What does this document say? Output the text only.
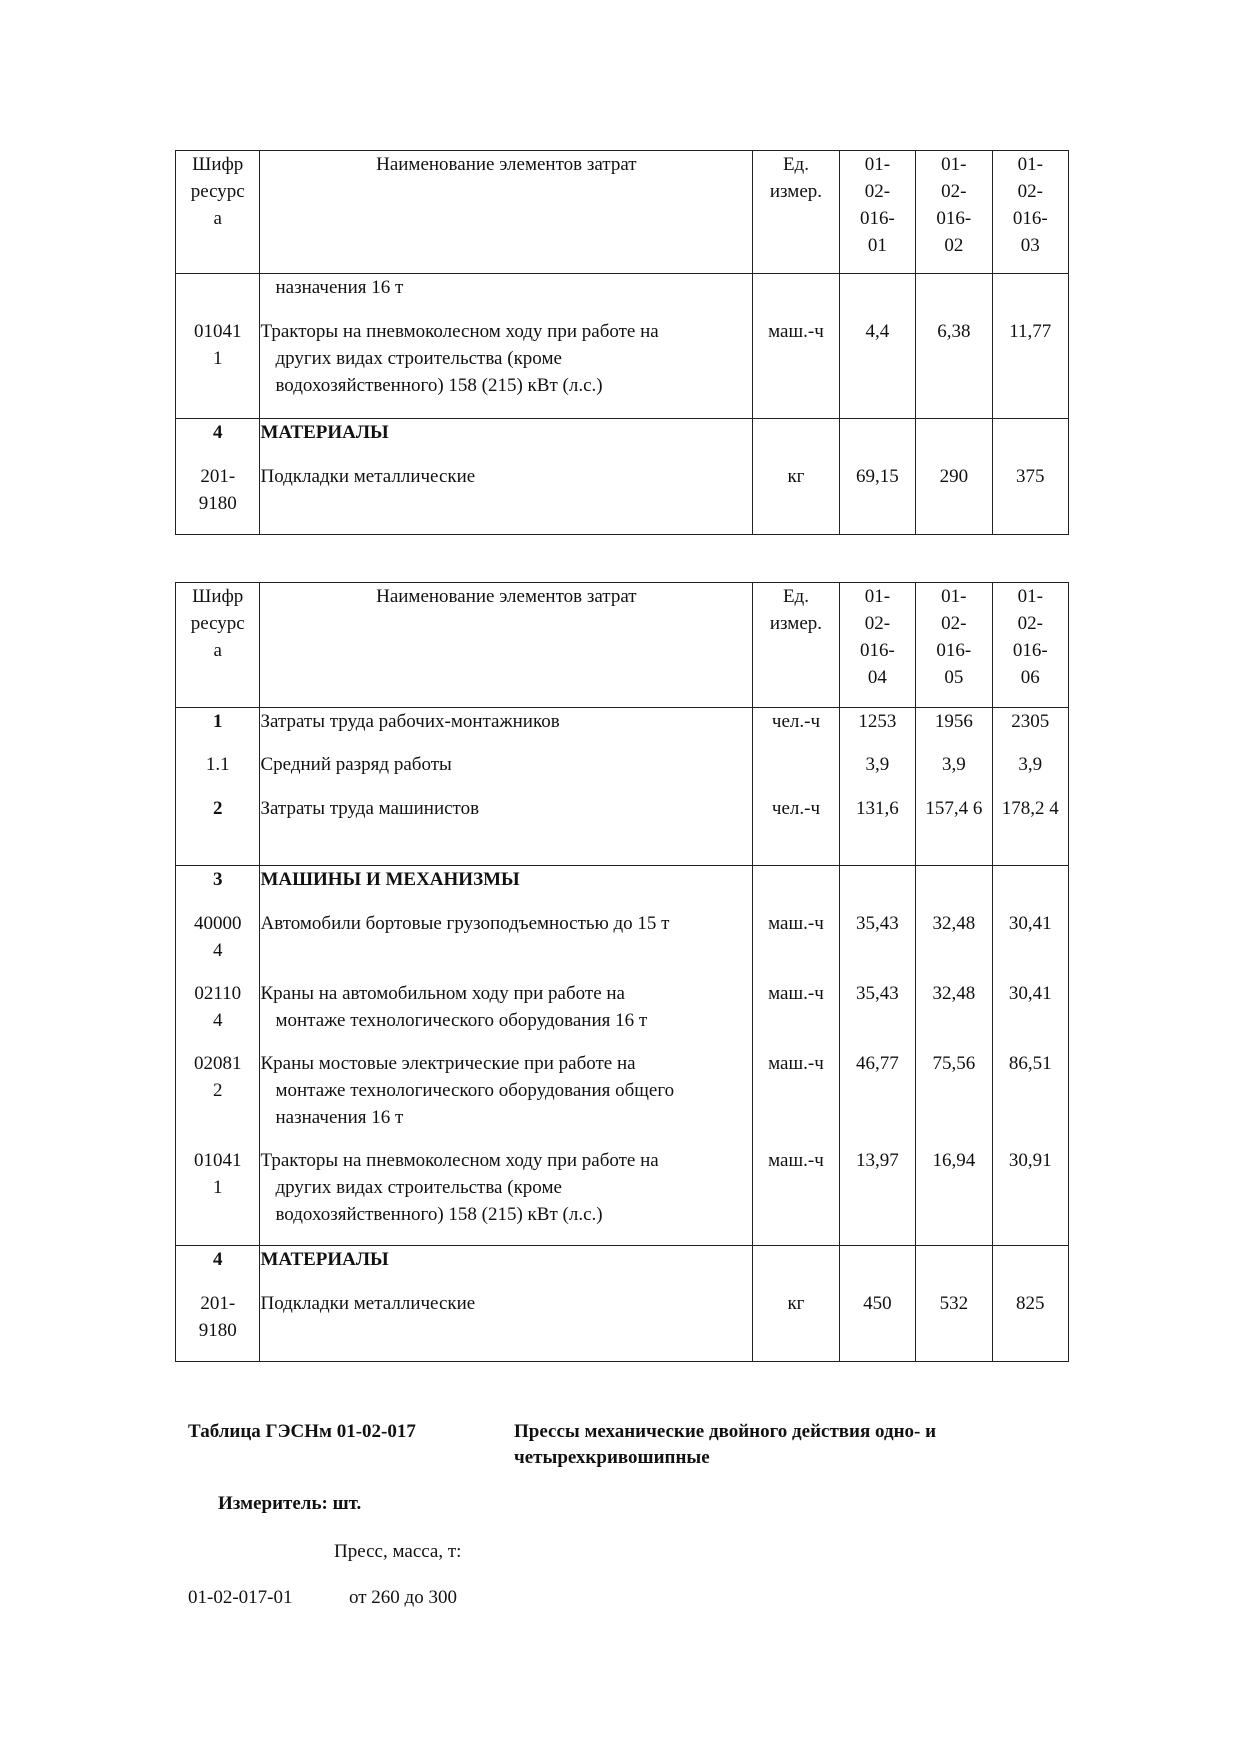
Шифр
ресурс
а	Наименование элементов затрат	Ед.
измер.	01-
02-
016-
01	01-
02-
016-
02	01-
02-
016-
03

	назначения 16 т				

01041
1	Тракторы на пневмоколесном ходу при работе на
других видах строительства (кроме
водохозяйственного) 158 (215) кВт (л.с.)	маш.-ч	4,4	6,38	11,77
4	МАТЕРИАЛЫ				

201-
9180	Подкладки металлические	кг	69,15	290	375
Шифр
ресурс
а	Наименование элементов затрат	Ед.
измер.	01-
02-
016-
04	01-
02-
016-
05	01-
02-
016-
06

1	Затраты труда рабочих-монтажников	чел.-ч	1253	1956	2305
1.1	Средний разряд работы		3,9	3,9	3,9
2	Затраты труда машинистов	чел.-ч	131,6	157,4 6	178,2 4
3	МАШИНЫ И МЕХАНИЗМЫ				

40000
4	Автомобили бортовые грузоподъемностью до 15 т	маш.-ч	35,43	32,48	30,41

02110
4	Краны на автомобильном ходу при работе на
монтаже технологического оборудования 16 т	маш.-ч	35,43	32,48	30,41

02081
2	Краны мостовые электрические при работе на
монтаже технологического оборудования общего
назначения 16 т	маш.-ч	46,77	75,56	86,51

01041
1	Тракторы на пневмоколесном ходу при работе на
других видах строительства (кроме
водохозяйственного) 158 (215) кВт (л.с.)	маш.-ч	13,97	16,94	30,91
4	МАТЕРИАЛЫ				

201-
9180	Подкладки металлические	кг	450	532	825
Таблица ГЭСНм 01-02-017	Прессы механические двойного действия одно- и
четырехкривошипные
Измеритель: шт.
Пресс, масса, т:
01-02-017-01	от 260 до 300
